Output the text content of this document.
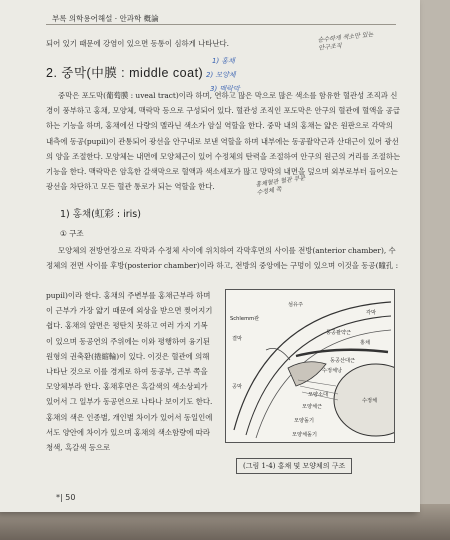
부록 의학용어해설 · 안과학 槪論

되어 있기 때문에 강염이 있으면 동통이 심하게 나타난다.

2. 중막(中膜 : middle coat)

중막은 포도막(葡萄膜 : uveal tract)이라 하며, 연하고 많은 막으로 많은 색소를 함유한 혈관성 조직과 신경이 풍부하고 홍채, 모양체, 맥락막 등으로 구성되어 있다. 혈관성 조직인 포도막은 안구의 혈관에 혈액을 공급하는 기능을 하며, 홍채에선 다량의 멜라닌 색소가 암실 역할을 한다. 중막 내의 홍채는 얇은 원판으로 각막의 내측에 동공(pupil)이 관통되어 광선을 안구내로 보낸 역할을 하며 내부에는 동공괄약근과 산대근이 있어 광선의 양을 조절한다. 모양체는 내면에 모양체근이 있어 수정체의 탄력을 조절하여 안구의 원근의 거리를 조절하는 기능을 한다. 맥락막은 암흑한 갈색막으로 혈액과 색소세포가 많고 망막의 내면을 덮으며 외부로부터 들어오는 광선을 차단하고 모든 혈관 통로가 되는 역할을 한다.

1) 홍채(虹彩 : iris)
① 구조

모양체의 전방연장으로 각막과 수정체 사이에 위치하여 각막후면의 사이를 전방(anterior chamber), 수정체의 전면 사이를 후방(posterior chamber)이라 하고, 전방의 중앙에는 구멍이 있으며 이것을 동공(瞳孔 :

pupil)이라 한다. 홍채의 주변부를 홍채근부라 하며 이 근부가 가장 얇기 때문에 외상을 받으면 찢어지기 쉽다. 홍채의 앞면은 평탄치 못하고 여러 가지 기복이 있으며 동공연의 주위에는 이와 평행하여 융기된 원형의 권축환(捲縮輪)이 있다. 이것은 혈관에 의해 나타난 것으로 이를 경계로 하여 동공부, 근부 쪽을 모양체부라 한다. 홍채후면은 흑갈색의 색소상피가 있어서 그 일부가 동공연으로 나타나 보이기도 한다. 홍채의 색은 인종별, 개인별 차이가 있어서 동일인에서도 양안에 차이가 있으며 홍채의 색소함량에 따라 청색, 흑갈색 등으로

Schlemm관
섬유주
각막
홍채
동공괄약근
동공산대근
수정체낭
수정체
결막
공막
모양소대
모양체근
모양돌기
모양체돌기
(그림 1-4) 홍채 및 모양체의 구조
*| 50
순수하게 색소만 있는
안구조직
1) 홍채
2) 모양체
3) 맥락막
홍채혈관 혈관 부분
수정체 쪽
